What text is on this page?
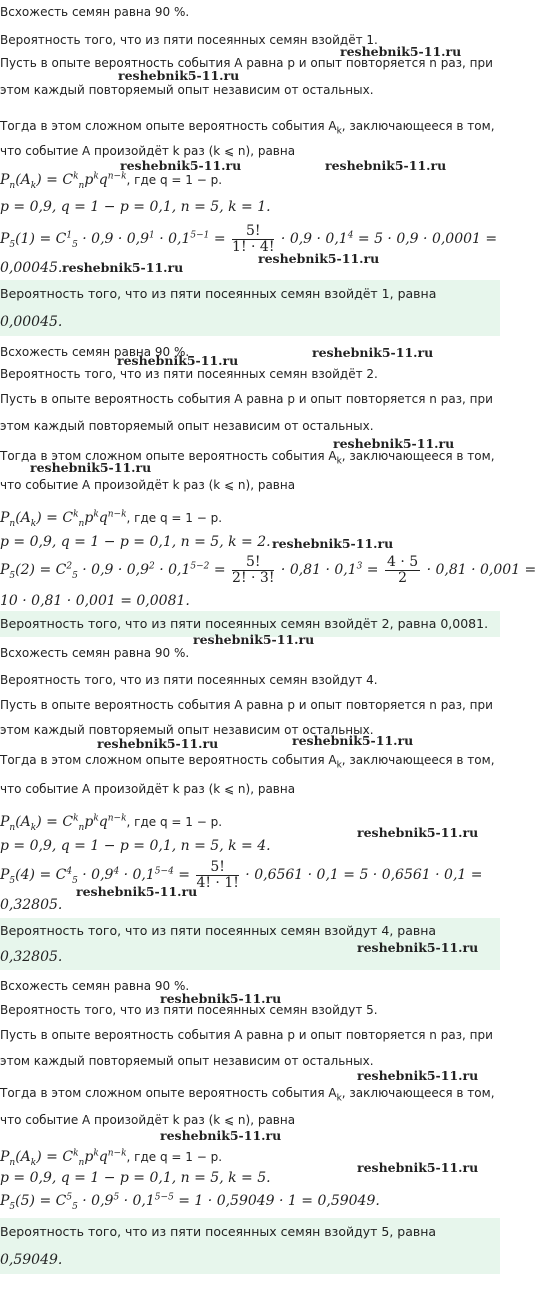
Всхожесть семян равна 90 %.
Вероятность того, что из пяти посеянных семян взойдёт 1.
Пусть в опыте вероятность события A равна p и опыт повторяется n раз, при
этом каждый повторяемый опыт независим от остальных.
Тогда в этом сложном опыте вероятность события $A_k$, заключающееся в том,
что событие A произойдёт k раз (k ⩽ n), равна
$P_n(A_k) = C^k_np^kq^{n-k}$, где q = 1 − p.
p = 0,9, q = 1 − p = 0,1, n = 5, k = 1.
$P_5(1) = C^1_5 \cdot 0,9 \cdot 0,9^1 \cdot 0,1^{5-1} = \frac{5!}{1! \cdot 4!} \cdot 0,9 \cdot 0,1^4 = 5 \cdot 0,9 \cdot 0,0001$ =
0,00045.
Вероятность того, что из пяти посеянных семян взойдёт 1, равна
0,00045.
Всхожесть семян равна 90 %.
Вероятность того, что из пяти посеянных семян взойдёт 2.
Пусть в опыте вероятность события A равна p и опыт повторяется n раз, при
этом каждый повторяемый опыт независим от остальных.
Тогда в этом сложном опыте вероятность события $A_k$, заключающееся в том,
что событие A произойдёт k раз (k ⩽ n), равна
$P_n(A_k) = C^k_np^kq^{n-k}$, где q = 1 − p.
p = 0,9, q = 1 − p = 0,1, n = 5, k = 2.
$P_5(2) = C^2_5 \cdot 0,9 \cdot 0,9^2 \cdot 0,1^{5-2} = \frac{5!}{2! \cdot 3!} \cdot 0,81 \cdot 0,1^3 = \frac{4 \cdot 5}{2} \cdot 0,81 \cdot 0,001$ =
10 · 0,81 · 0,001 = 0,0081.
Вероятность того, что из пяти посеянных семян взойдёт 2, равна 0,0081.
Всхожесть семян равна 90 %.
Вероятность того, что из пяти посеянных семян взойдут 4.
Пусть в опыте вероятность события A равна p и опыт повторяется n раз, при
этом каждый повторяемый опыт независим от остальных.
Тогда в этом сложном опыте вероятность события $A_k$, заключающееся в том,
что событие A произойдёт k раз (k ⩽ n), равна
$P_n(A_k) = C^k_np^kq^{n-k}$, где q = 1 − p.
p = 0,9, q = 1 − p = 0,1, n = 5, k = 4.
$P_5(4) = C^4_5 \cdot 0,9^4 \cdot 0,1^{5-4} = \frac{5!}{4! \cdot 1!} \cdot 0,6561 \cdot 0,1 = 5 \cdot 0,6561 \cdot 0,1$ =
0,32805.
Вероятность того, что из пяти посеянных семян взойдут 4, равна
0,32805.
Всхожесть семян равна 90 %.
Вероятность того, что из пяти посеянных семян взойдут 5.
Пусть в опыте вероятность события A равна p и опыт повторяется n раз, при
этом каждый повторяемый опыт независим от остальных.
Тогда в этом сложном опыте вероятность события $A_k$, заключающееся в том,
что событие A произойдёт k раз (k ⩽ n), равна
$P_n(A_k) = C^k_np^kq^{n-k}$, где q = 1 − p.
p = 0,9, q = 1 − p = 0,1, n = 5, k = 5.
$P_5(5) = C^5_5 \cdot 0,9^5 \cdot 0,1^{5-5} = 1 \cdot 0,59049 \cdot 1 = 0,59049$.
Вероятность того, что из пяти посеянных семян взойдут 5, равна
0,59049.
reshebnik5-11.ru
reshebnik5-11.ru
reshebnik5-11.ru	reshebnik5-11.ru
reshebnik5-11.ru
reshebnik5-11.ru
reshebnik5-11.ru
reshebnik5-11.ru
reshebnik5-11.ru
reshebnik5-11.ru
reshebnik5-11.ru
reshebnik5-11.ru
reshebnik5-11.ru
reshebnik5-11.ru
reshebnik5-11.ru
reshebnik5-11.ru
reshebnik5-11.ru
reshebnik5-11.ru
reshebnik5-11.ru
reshebnik5-11.ru
reshebnik5-11.ru
